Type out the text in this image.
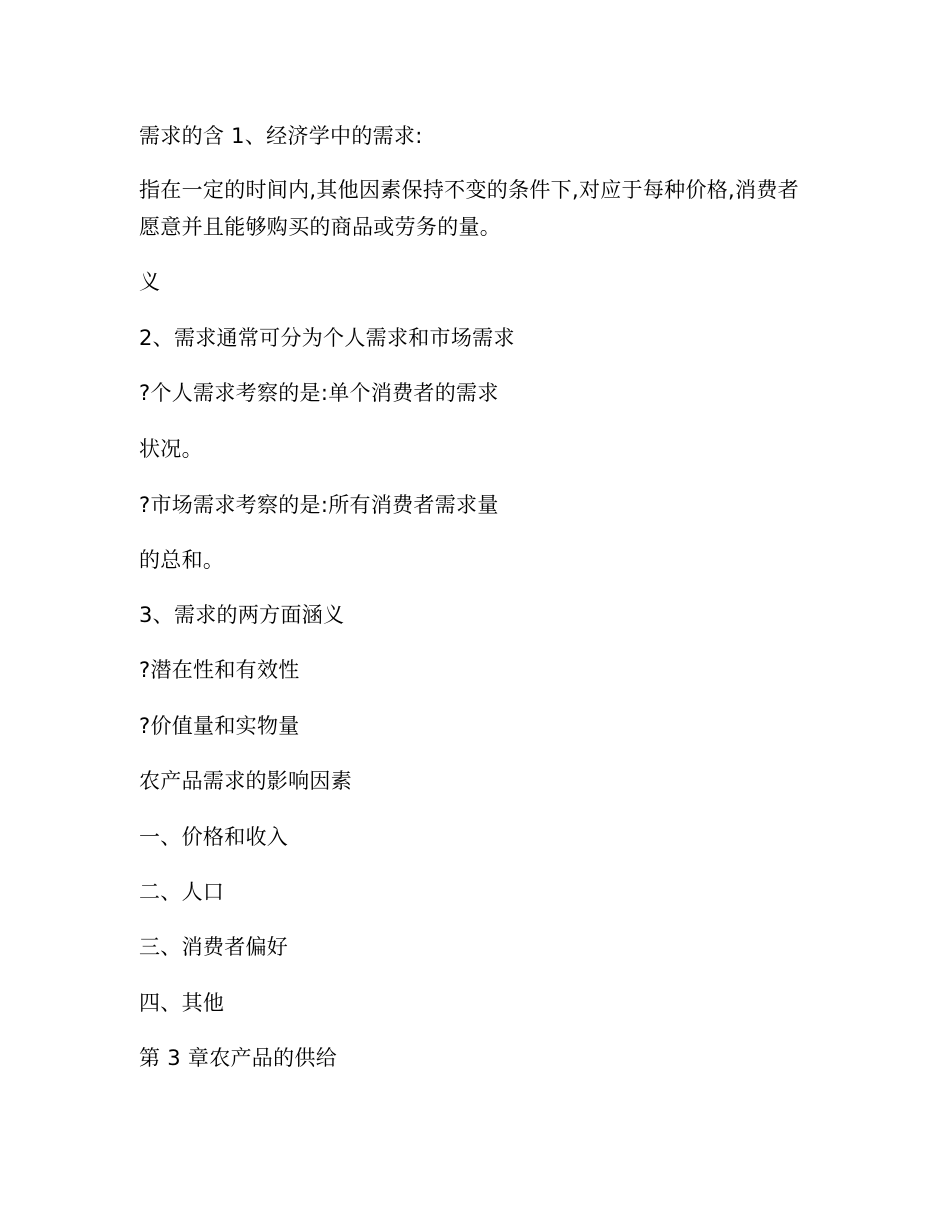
需求的含 1、经济学中的需求:
指在一定的时间内,其他因素保持不变的条件下,对应于每种价格,消费者愿意并且能够购买的商品或劳务的量。
义
2、需求通常可分为个人需求和市场需求
?个人需求考察的是:单个消费者的需求
状况。
?市场需求考察的是:所有消费者需求量
的总和。
3、需求的两方面涵义
?潜在性和有效性
?价值量和实物量
农产品需求的影响因素
一、价格和收入
二、人口
三、消费者偏好
四、其他
第 3 章农产品的供给
